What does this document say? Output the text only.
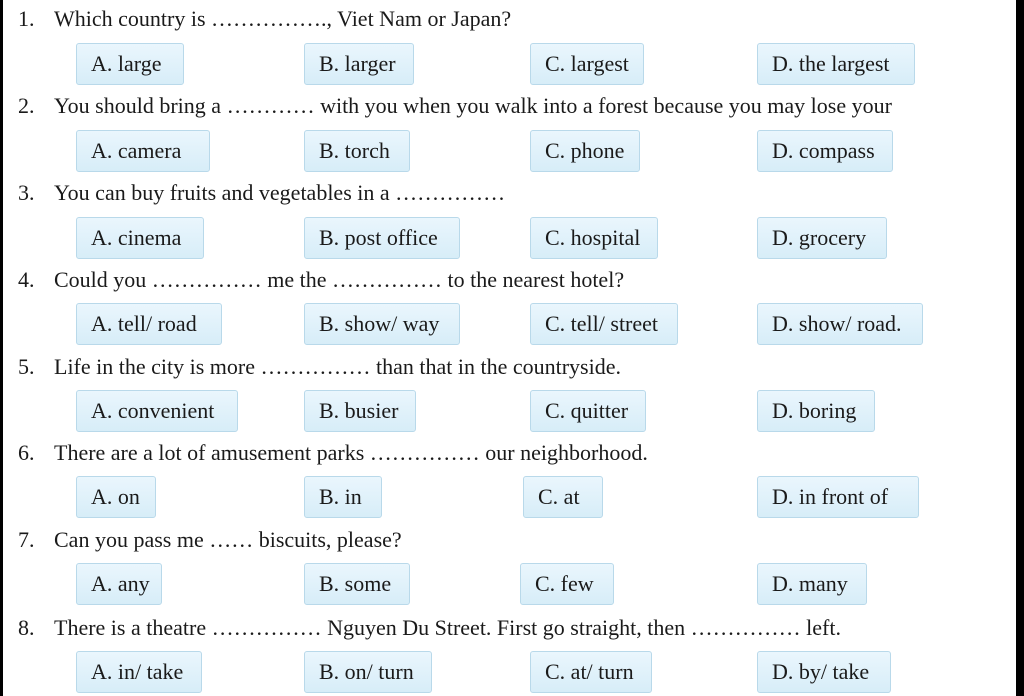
1. Which country is ……………., Viet Nam or Japan?
A. large	B. larger	C. largest	D. the largest
2. You should bring a ………… with you when you walk into a forest because you may lose your
A. camera	B. torch	C. phone	D. compass
3. You can buy fruits and vegetables in a ……………
A. cinema	B. post office	C. hospital	D. grocery
4. Could you …………… me the …………… to the nearest hotel?
A. tell/ road	B. show/ way	C. tell/ street	D. show/ road.
5. Life in the city is more …………… than that in the countryside.
A. convenient	B. busier	C. quitter	D. boring
6. There are a lot of amusement parks …………… our neighborhood.
A. on	B. in	C. at	D. in front of
7. Can you pass me …… biscuits, please?
A. any	B. some	C. few	D. many
8. There is a theatre …………… Nguyen Du Street. First go straight, then …………… left.
A. in/ take	B. on/ turn	C. at/ turn	D. by/ take
